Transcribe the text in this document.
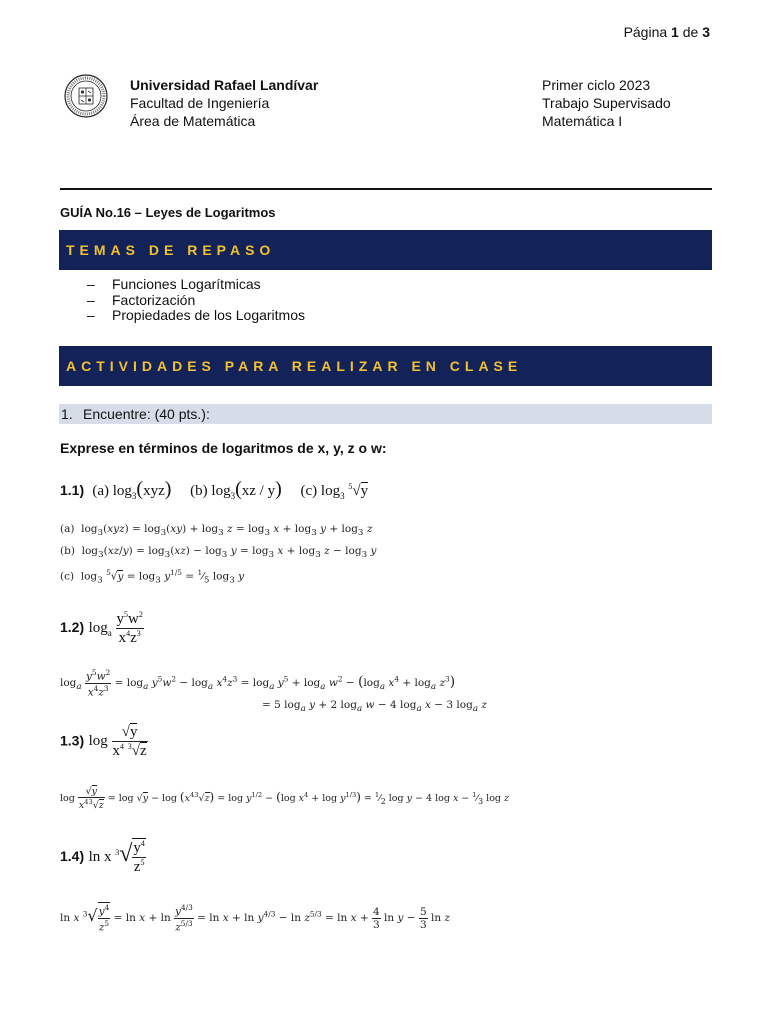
Página 1 de 3
Universidad Rafael Landívar
Facultad de Ingeniería
Área de Matemática
Primer ciclo 2023
Trabajo Supervisado
Matemática I
GUÍA No.16 – Leyes de Logaritmos
TEMAS DE REPASO
– Funciones Logarítmicas
– Factorización
– Propiedades de los Logaritmos
ACTIVIDADES PARA REALIZAR EN CLASE
1. Encuentre: (40 pts.):
Exprese en términos de logaritmos de x, y, z o w:
1.1)  (a) $\log_3(xyz)$     (b) $\log_3(xz / y)$     (c) $\log_3 ^5√y$
(a)  $\log_3(xyz) = \log_3(xy) + \log_3 z = \log_3 x + \log_3 y + \log_3 z$
(b)  $\log_3(xz/y) = \log_3(xz) - \log_3 y = \log_3 x + \log_3 z - \log_3 y$
(c)  $\log_3 ^5√y = \log_3 y^{1/5}$ = $^1⁄_5$ $\log_3 y$
1.2) $\log_a \frac{y^5w^2}{x^4z^3}$
$\log_a \frac{y^5w^2}{x^4z^3} = \log_a y^5w^2 - \log_a x^4z^3 = \log_a y^5 + \log_a w^2 - (\log_a$ $x^4 + \log_a z^3$)
= 5 $\log_a y + 2$ $\log_a w - 4$ $\log_a x - 3$ $\log_a z$
1.3) $\log \frac{√y}{x^4 ^3√z}$
$\log \frac{√y}{x^{43}√z} = \log √y - \log (x^{43}√z) = \log y^{1/2} - (\log$ $x^4 + \log y^{1/3}$) = $^1⁄_2$ log y − 4 $\log x - ^1⁄_3$ log z
1.4) ln x $^3√ \frac{y^4}{z^5}$
ln x $^3√ \frac{y^4}{z^5} = \ln x + \ln \frac{y^{4/3}}{z^{5/3}} = \ln x + \ln y^{4/3} - \ln z^{5/3} = \ln x + \frac{4}{3}$ $\ln y - \frac{5}{3}$ ln z
